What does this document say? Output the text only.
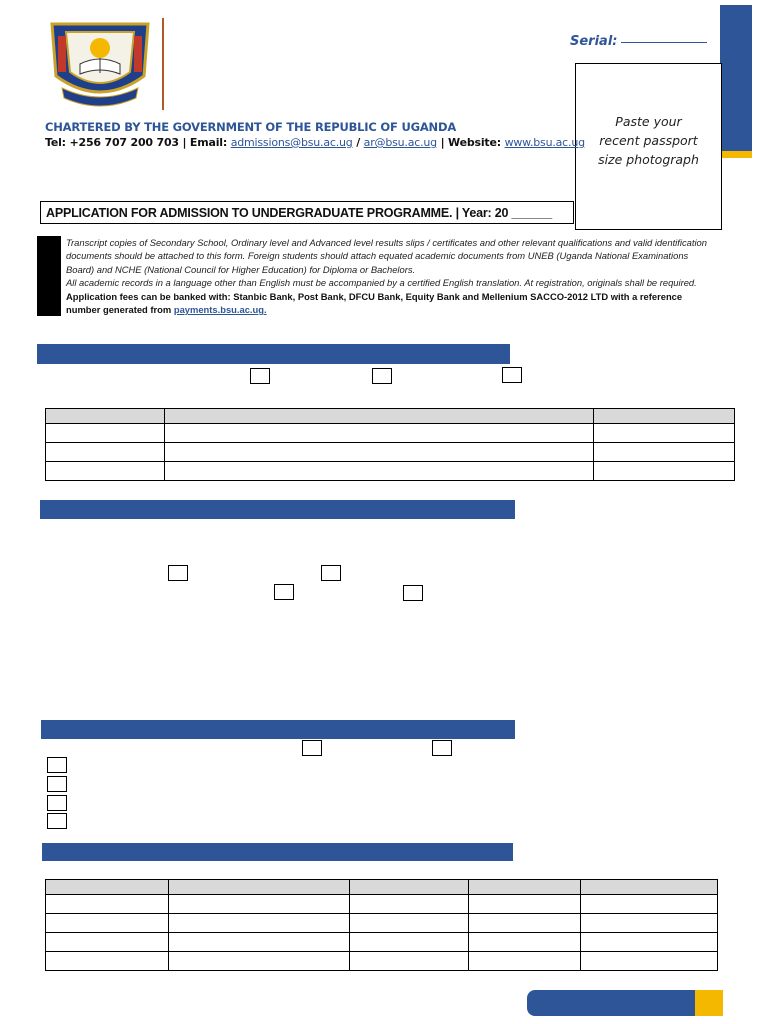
Serial:
Paste your recent passport size photograph
CHARTERED BY THE GOVERNMENT OF THE REPUBLIC OF UGANDA
Tel: +256 707 200 703 | Email: admissions@bsu.ac.ug / ar@bsu.ac.ug | Website: www.bsu.ac.ug
APPLICATION FOR ADMISSION TO UNDERGRADUATE PROGRAMME. | Year: 20 ______
Transcript copies of Secondary School, Ordinary level and Advanced level results slips / certificates and other relevant qualifications and valid identification documents should be attached to this form. Foreign students should attach equated academic documents from UNEB (Uganda National Examinations Board) and NCHE (National Council for Higher Education) for Diploma or Bachelors.
All academic records in a language other than English must be accompanied by a certified English translation. At registration, originals shall be required.
Application fees can be banked with: Stanbic Bank, Post Bank, DFCU Bank, Equity Bank and Mellenium SACCO-2012 LTD with a reference number generated from payments.bsu.ac.ug.
